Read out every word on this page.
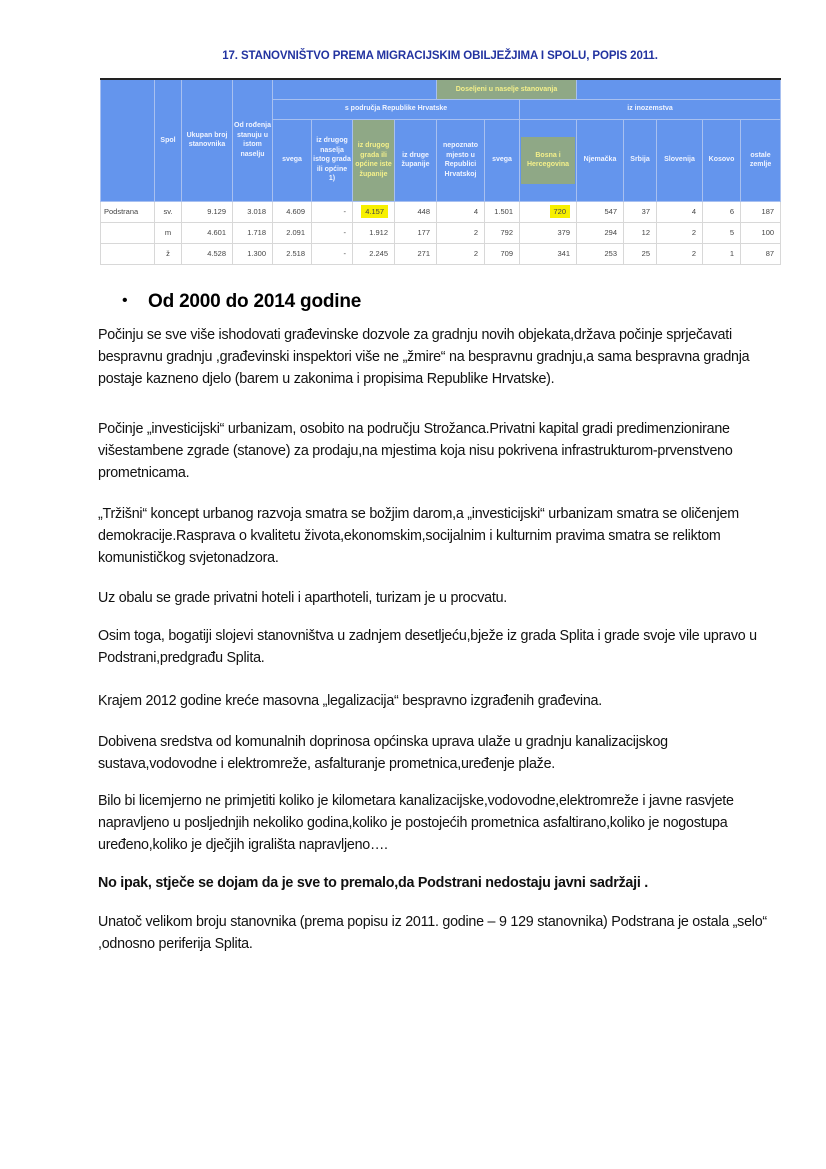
17. STANOVNIŠTVO PREMA MIGRACIJSKIM OBILJEŽJIMA I SPOLU, POPIS 2011.
	Spol	Ukupan broj stanovnika	Od rođenja stanuju u istom naselju					Doseljeni u naselje stanovanja							
				s područja Republike Hrvatske						iz inozemstva					
				svega	iz drugog naselja istog grada ili općine 1)	iz drugog grada ili općine iste županije	iz druge županije	nepoznato mjesto u Republici Hrvatskoj	svega	Bosna i Hercegovina	Njemačka	Srbija	Slovenija	Kosovo	ostale zemlje
Podstrana	sv.	9.129	3.018	4.609	-	4.157	448	4	1.501	720	547	37	4	6	187
	m	4.601	1.718	2.091	-	1.912	177	2	792	379	294	12	2	5	100
	ž	4.528	1.300	2.518	-	2.245	271	2	709	341	253	25	2	1	87
• Od 2000 do 2014 godine

Počinju se sve više ishodovati građevinske dozvole za gradnju novih objekata,država počinje sprječavati bespravnu gradnju ,građevinski inspektori više ne „žmire“ na bespravnu gradnju,a sama bespravna gradnja postaje kazneno djelo (barem u zakonima i propisima Republike Hrvatske).

Počinje „investicijski“ urbanizam, osobito na području Strožanca.Privatni kapital gradi predimenzionirane višestambene zgrade (stanove) za prodaju,na mjestima koja nisu pokrivena infrastrukturom-prvenstveno prometnicama.

„Tržišni“ koncept urbanog razvoja smatra se božjim darom,a „investicijski“ urbanizam smatra se oličenjem demokracije.Rasprava o kvalitetu života,ekonomskim,socijalnim i kulturnim pravima smatra se reliktom komunističkog svjetonadzora.

Uz obalu se grade privatni hoteli i aparthoteli, turizam je u procvatu.

Osim toga, bogatiji slojevi stanovništva u zadnjem desetljeću,bježe iz grada Splita i grade svoje vile upravo u Podstrani,predgrađu Splita.

Krajem 2012 godine kreće masovna „legalizacija“ bespravno izgrađenih građevina.

Dobivena sredstva od komunalnih doprinosa općinska uprava ulaže u gradnju kanalizacijskog sustava,vodovodne i elektromreže, asfalturanje prometnica,uređenje plaže.

Bilo bi licemjerno ne primjetiti koliko je kilometara kanalizacijske,vodovodne,elektromreže i javne rasvjete napravljeno u posljednjih nekoliko godina,koliko je postojećih prometnica asfaltirano,koliko je nogostupa uređeno,koliko je dječjih igrališta napravljeno….

No ipak, stječe se dojam da je sve to premalo,da Podstrani nedostaju javni sadržaji .

Unatoč velikom broju stanovnika (prema popisu iz 2011. godine – 9 129 stanovnika) Podstrana je ostala „selo“ ,odnosno periferija Splita.
